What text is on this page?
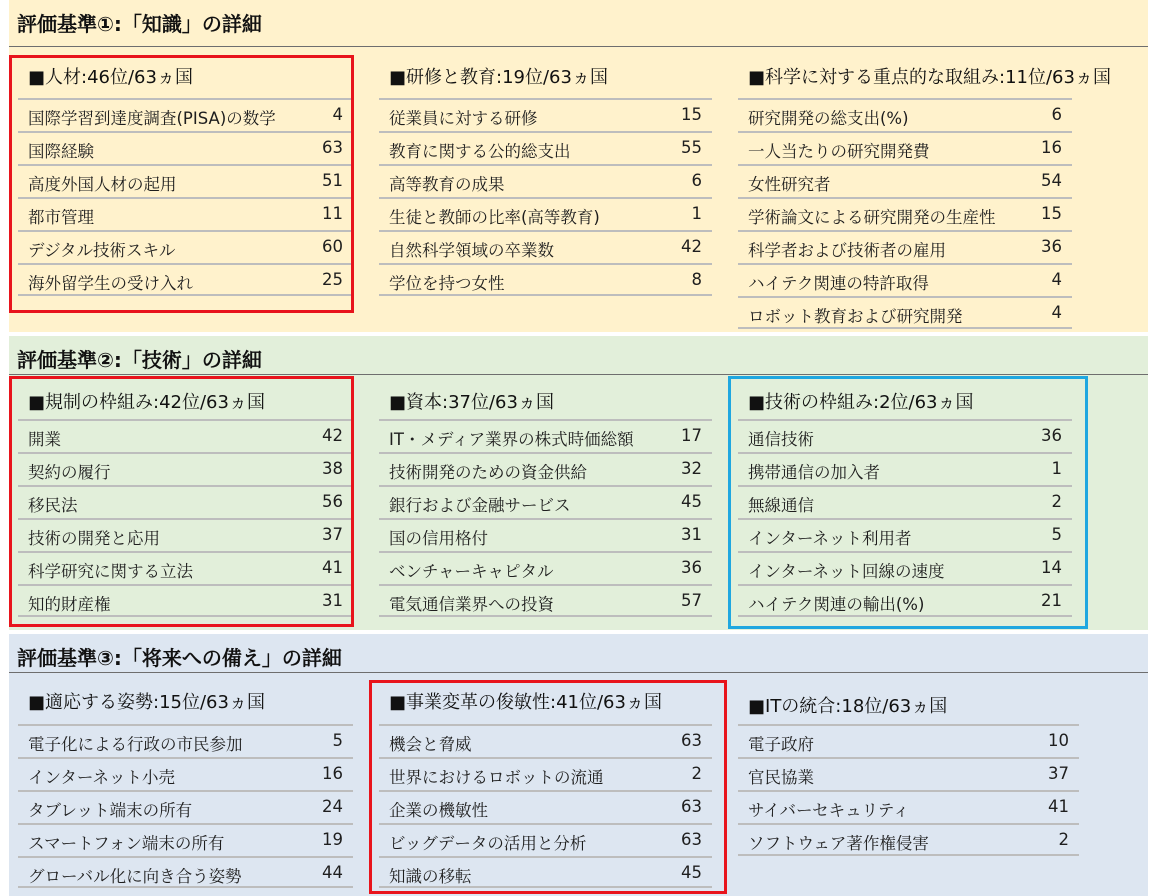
評価基準①:「知識」の詳細
■人材:46位/63ヵ国
国際学習到達度調査(PISA)の数学	4
国際経験	63
高度外国人材の起用	51
都市管理	11
デジタル技術スキル	60
海外留学生の受け入れ	25
■研修と教育:19位/63ヵ国
従業員に対する研修	15
教育に関する公的総支出	55
高等教育の成果	6
生徒と教師の比率(高等教育)	1
自然科学領域の卒業数	42
学位を持つ女性	8
■科学に対する重点的な取組み:11位/63ヵ国
研究開発の総支出(%)	6
一人当たりの研究開発費	16
女性研究者	54
学術論文による研究開発の生産性	15
科学者および技術者の雇用	36
ハイテク関連の特許取得	4
ロボット教育および研究開発	4
評価基準②:「技術」の詳細
■規制の枠組み:42位/63ヵ国
開業	42
契約の履行	38
移民法	56
技術の開発と応用	37
科学研究に関する立法	41
知的財産権	31
■資本:37位/63ヵ国
IT・メディア業界の株式時価総額	17
技術開発のための資金供給	32
銀行および金融サービス	45
国の信用格付	31
ベンチャーキャピタル	36
電気通信業界への投資	57
■技術の枠組み:2位/63ヵ国
通信技術	36
携帯通信の加入者	1
無線通信	2
インターネット利用者	5
インターネット回線の速度	14
ハイテク関連の輸出(%)	21
評価基準③:「将来への備え」の詳細
■適応する姿勢:15位/63ヵ国
電子化による行政の市民参加	5
インターネット小売	16
タブレット端末の所有	24
スマートフォン端末の所有	19
グローバル化に向き合う姿勢	44
■事業変革の俊敏性:41位/63ヵ国
機会と脅威	63
世界におけるロボットの流通	2
企業の機敏性	63
ビッグデータの活用と分析	63
知識の移転	45
■ITの統合:18位/63ヵ国
電子政府	10
官民協業	37
サイバーセキュリティ	41
ソフトウェア著作権侵害	2
